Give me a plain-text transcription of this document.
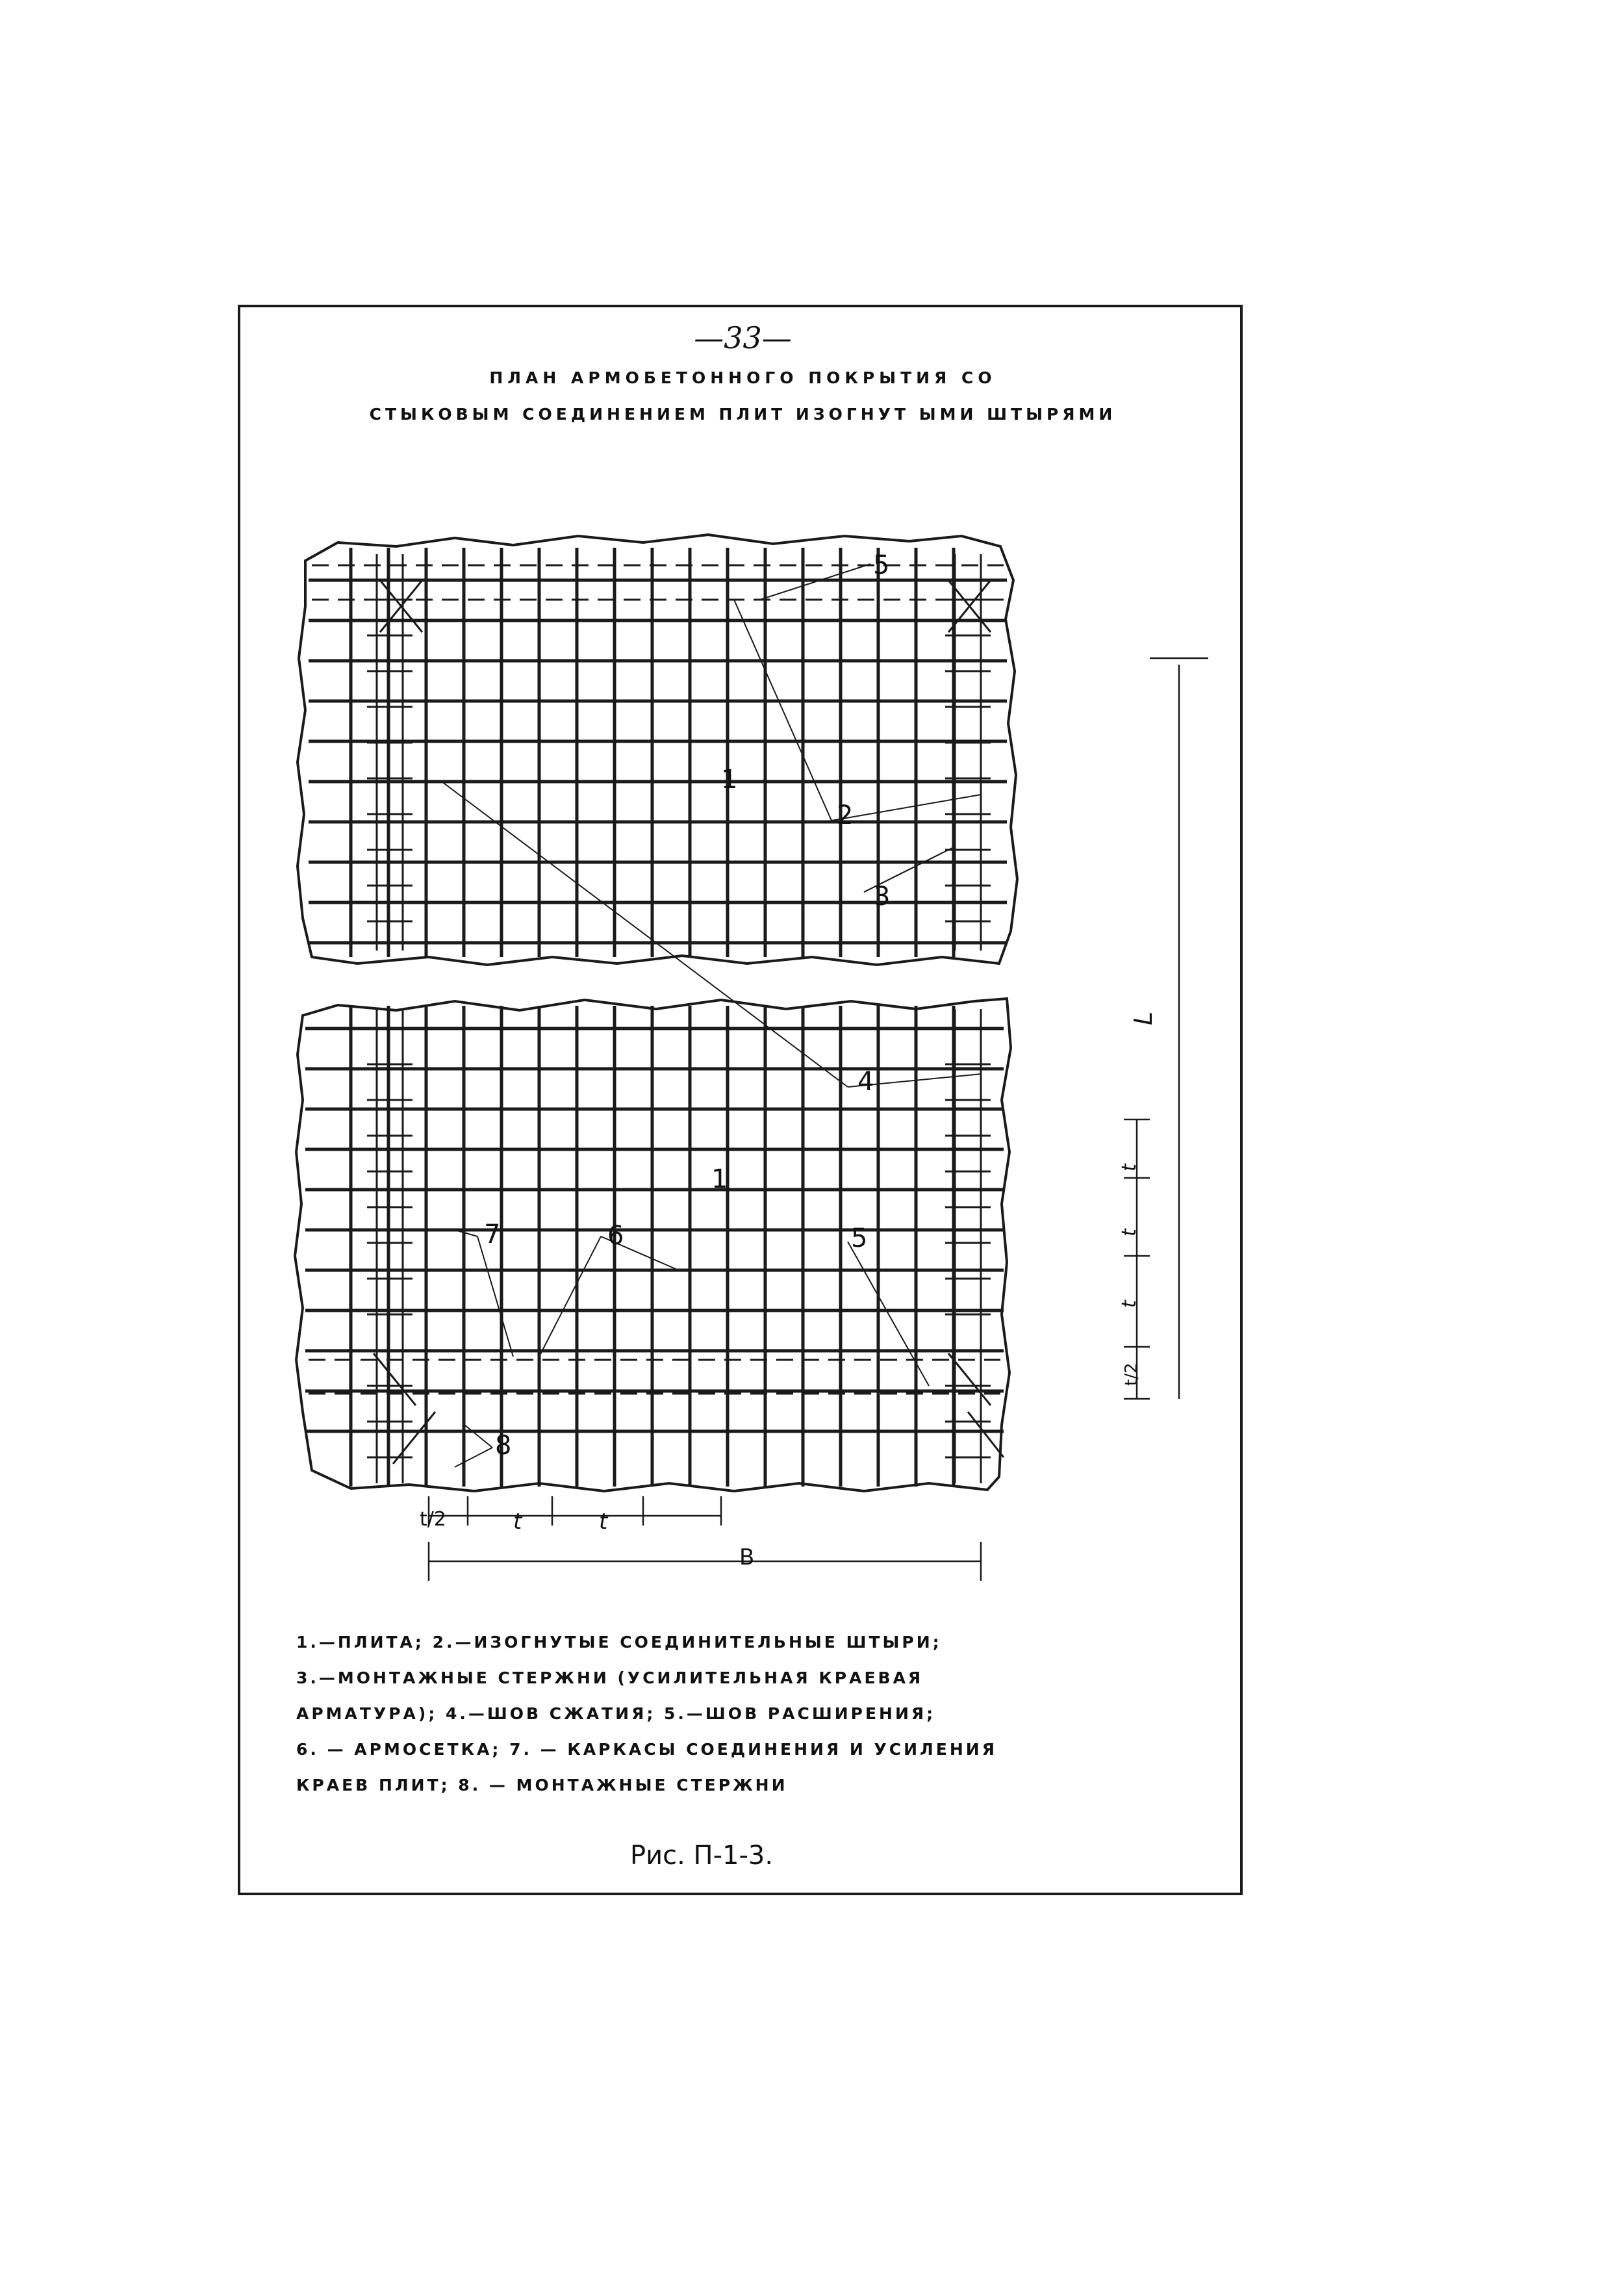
—33—
ПЛАН АРМОБЕТОННОГО ПОКРЫТИЯ СО
СТЫКОВЫМ СОЕДИНЕНИЕМ ПЛИТ ИЗОГНУТ ЫМИ ШТЫРЯМИ
1
1
2
3
4
5
5
6
7
8
t/2	t	t
В
L
t
t
t
t/2
1.—ПЛИТА; 2.—ИЗОГНУТЫЕ СОЕДИНИТЕЛЬНЫЕ ШТЫРИ;
3.—МОНТАЖНЫЕ СТЕРЖНИ (УСИЛИТЕЛЬНАЯ КРАЕВАЯ
АРМАТУРА); 4.—ШОВ СЖАТИЯ; 5.—ШОВ РАСШИРЕНИЯ;
6. — АРМОСЕТКА; 7. — КАРКАСЫ СОЕДИНЕНИЯ И УСИЛЕНИЯ
КРАЕВ ПЛИТ; 8. — МОНТАЖНЫЕ СТЕРЖНИ
Рис. П-1-3.
